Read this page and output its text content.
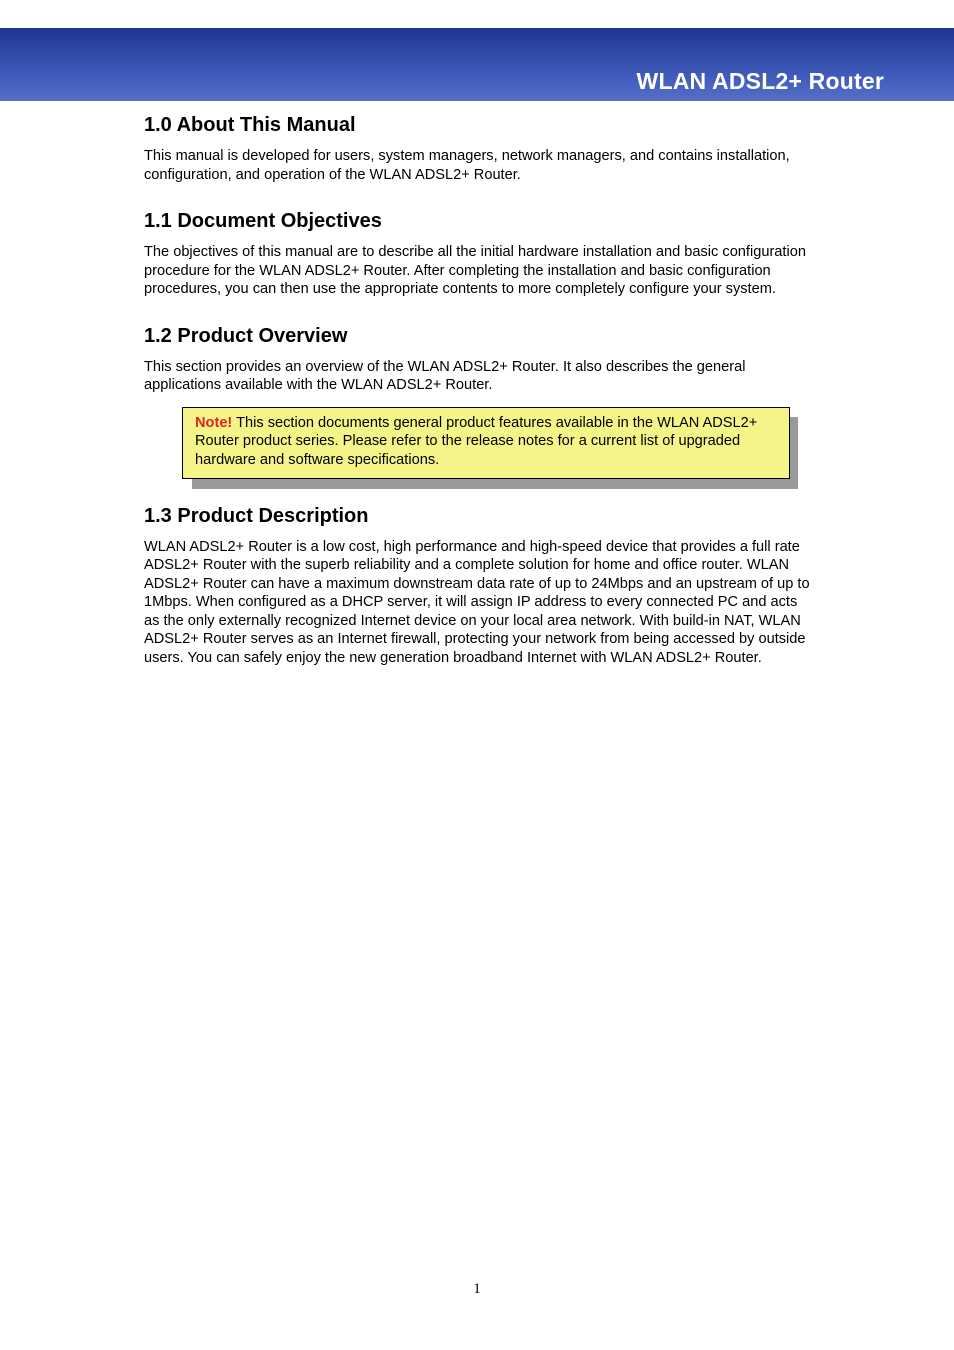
WLAN ADSL2+ Router
1.0 About This Manual

This manual is developed for users, system managers, network managers, and contains installation, configuration, and operation of the WLAN ADSL2+ Router.

1.1 Document Objectives

The objectives of this manual are to describe all the initial hardware installation and basic configuration procedure for the WLAN ADSL2+ Router. After completing the installation and basic configuration procedures, you can then use the appropriate contents to more completely configure your system.

1.2 Product Overview

This section provides an overview of the WLAN ADSL2+ Router. It also describes the general applications available with the WLAN ADSL2+ Router.

Note! This section documents general product features available in the WLAN ADSL2+ Router product series. Please refer to the release notes for a current list of upgraded hardware and software specifications.
1.3 Product Description

WLAN ADSL2+ Router is a low cost, high performance and high-speed device that provides a full rate ADSL2+ Router with the superb reliability and a complete solution for home and office router. WLAN ADSL2+ Router can have a maximum downstream data rate of up to 24Mbps and an upstream of up to 1Mbps. When configured as a DHCP server, it will assign IP address to every connected PC and acts as the only externally recognized Internet device on your local area network. With build-in NAT, WLAN ADSL2+ Router serves as an Internet firewall, protecting your network from being accessed by outside users. You can safely enjoy the new generation broadband Internet with WLAN ADSL2+ Router.

1
